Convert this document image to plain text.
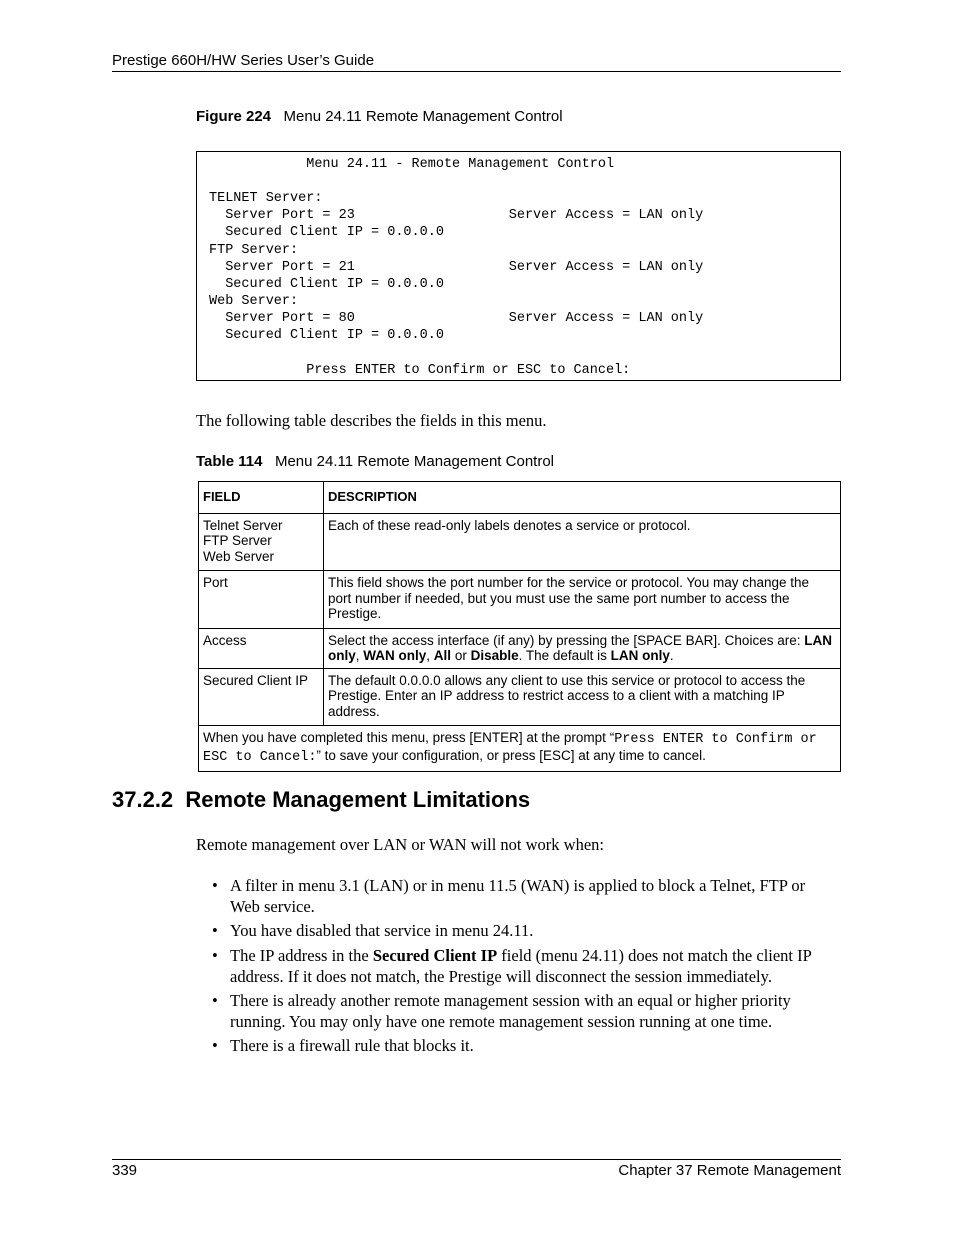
Prestige 660H/HW Series User’s Guide
Figure 224 Menu 24.11 Remote Management Control
Menu 24.11 - Remote Management Control
TELNET Server:
Server Port = 23                   Server Access = LAN only
Secured Client IP = 0.0.0.0
FTP Server:
Server Port = 21                   Server Access = LAN only
Secured Client IP = 0.0.0.0
Web Server:
Server Port = 80                   Server Access = LAN only
Secured Client IP = 0.0.0.0
Press ENTER to Confirm or ESC to Cancel:
The following table describes the fields in this menu.
Table 114 Menu 24.11 Remote Management Control
FIELD	DESCRIPTION

Telnet Server
FTP Server
Web Server	Each of these read-only labels denotes a service or protocol.
Port	This field shows the port number for the service or protocol. You may change the port number if needed, but you must use the same port number to access the Prestige.
Access	Select the access interface (if any) by pressing the [SPACE BAR]. Choices are: LAN only, WAN only, All or Disable. The default is LAN only.
Secured Client IP	The default 0.0.0.0 allows any client to use this service or protocol to access the Prestige. Enter an IP address to restrict access to a client with a matching IP address.
When you have completed this menu, press [ENTER] at the prompt “Press ENTER to Confirm or ESC to Cancel:” to save your configuration, or press [ESC] at any time to cancel.	
37.2.2 Remote Management Limitations
Remote management over LAN or WAN will not work when:
• A filter in menu 3.1 (LAN) or in menu 11.5 (WAN) is applied to block a Telnet, FTP or
Web service.
• You have disabled that service in menu 24.11.
• The IP address in the Secured Client IP field (menu 24.11) does not match the client IP
address. If it does not match, the Prestige will disconnect the session immediately.
• There is already another remote management session with an equal or higher priority
running. You may only have one remote management session running at one time.
• There is a firewall rule that blocks it.
339	Chapter 37 Remote Management
